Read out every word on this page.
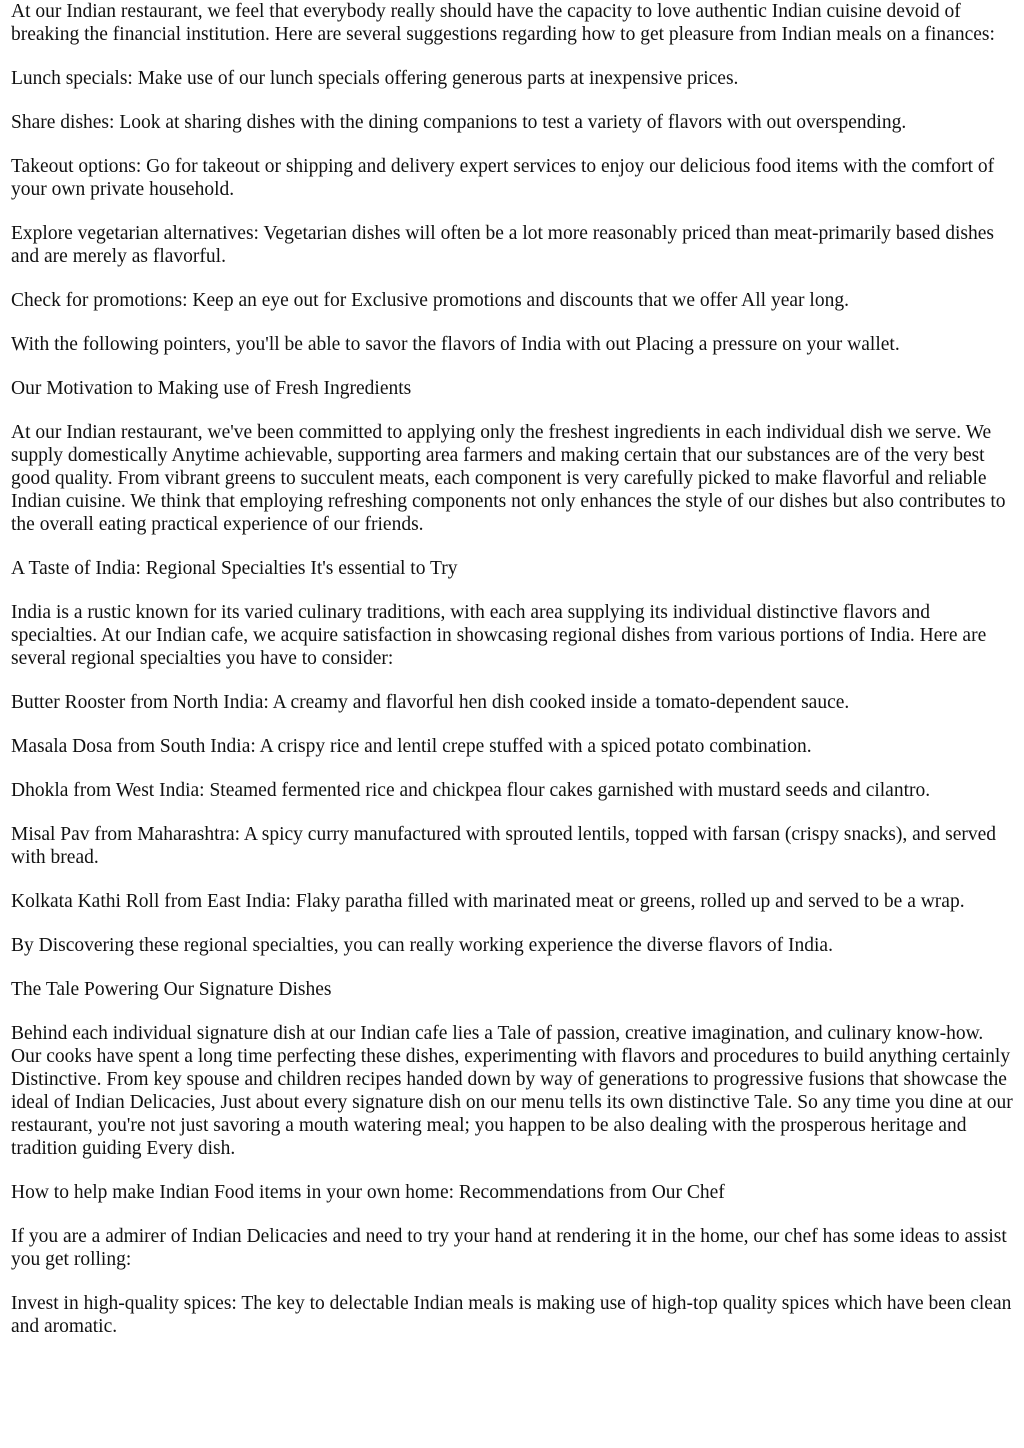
At our Indian restaurant, we feel that everybody really should have the capacity to love authentic Indian cuisine devoid of breaking the financial institution. Here are several suggestions regarding how to get pleasure from Indian meals on a finances:

Lunch specials: Make use of our lunch specials offering generous parts at inexpensive prices.

Share dishes: Look at sharing dishes with the dining companions to test a variety of flavors with out overspending.

Takeout options: Go for takeout or shipping and delivery expert services to enjoy our delicious food items with the comfort of your own private household.

Explore vegetarian alternatives: Vegetarian dishes will often be a lot more reasonably priced than meat-primarily based dishes and are merely as flavorful.

Check for promotions: Keep an eye out for Exclusive promotions and discounts that we offer All year long.

With the following pointers, you'll be able to savor the flavors of India with out Placing a pressure on your wallet.

Our Motivation to Making use of Fresh Ingredients

At our Indian restaurant, we've been committed to applying only the freshest ingredients in each individual dish we serve. We supply domestically Anytime achievable, supporting area farmers and making certain that our substances are of the very best good quality. From vibrant greens to succulent meats, each component is very carefully picked to make flavorful and reliable Indian cuisine. We think that employing refreshing components not only enhances the style of our dishes but also contributes to the overall eating practical experience of our friends.

A Taste of India: Regional Specialties It's essential to Try

India is a rustic known for its varied culinary traditions, with each area supplying its individual distinctive flavors and specialties. At our Indian cafe, we acquire satisfaction in showcasing regional dishes from various portions of India. Here are several regional specialties you have to consider:

Butter Rooster from North India: A creamy and flavorful hen dish cooked inside a tomato-dependent sauce.

Masala Dosa from South India: A crispy rice and lentil crepe stuffed with a spiced potato combination.

Dhokla from West India: Steamed fermented rice and chickpea flour cakes garnished with mustard seeds and cilantro.

Misal Pav from Maharashtra: A spicy curry manufactured with sprouted lentils, topped with farsan (crispy snacks), and served with bread.

Kolkata Kathi Roll from East India: Flaky paratha filled with marinated meat or greens, rolled up and served to be a wrap.

By Discovering these regional specialties, you can really working experience the diverse flavors of India.

The Tale Powering Our Signature Dishes

Behind each individual signature dish at our Indian cafe lies a Tale of passion, creative imagination, and culinary know-how. Our cooks have spent a long time perfecting these dishes, experimenting with flavors and procedures to build anything certainly Distinctive. From key spouse and children recipes handed down by way of generations to progressive fusions that showcase the ideal of Indian Delicacies, Just about every signature dish on our menu tells its own distinctive Tale. So any time you dine at our restaurant, you're not just savoring a mouth watering meal; you happen to be also dealing with the prosperous heritage and tradition guiding Every dish.

How to help make Indian Food items in your own home: Recommendations from Our Chef

If you are a admirer of Indian Delicacies and need to try your hand at rendering it in the home, our chef has some ideas to assist you get rolling:

Invest in high-quality spices: The key to delectable Indian meals is making use of high-top quality spices which have been clean and aromatic.
